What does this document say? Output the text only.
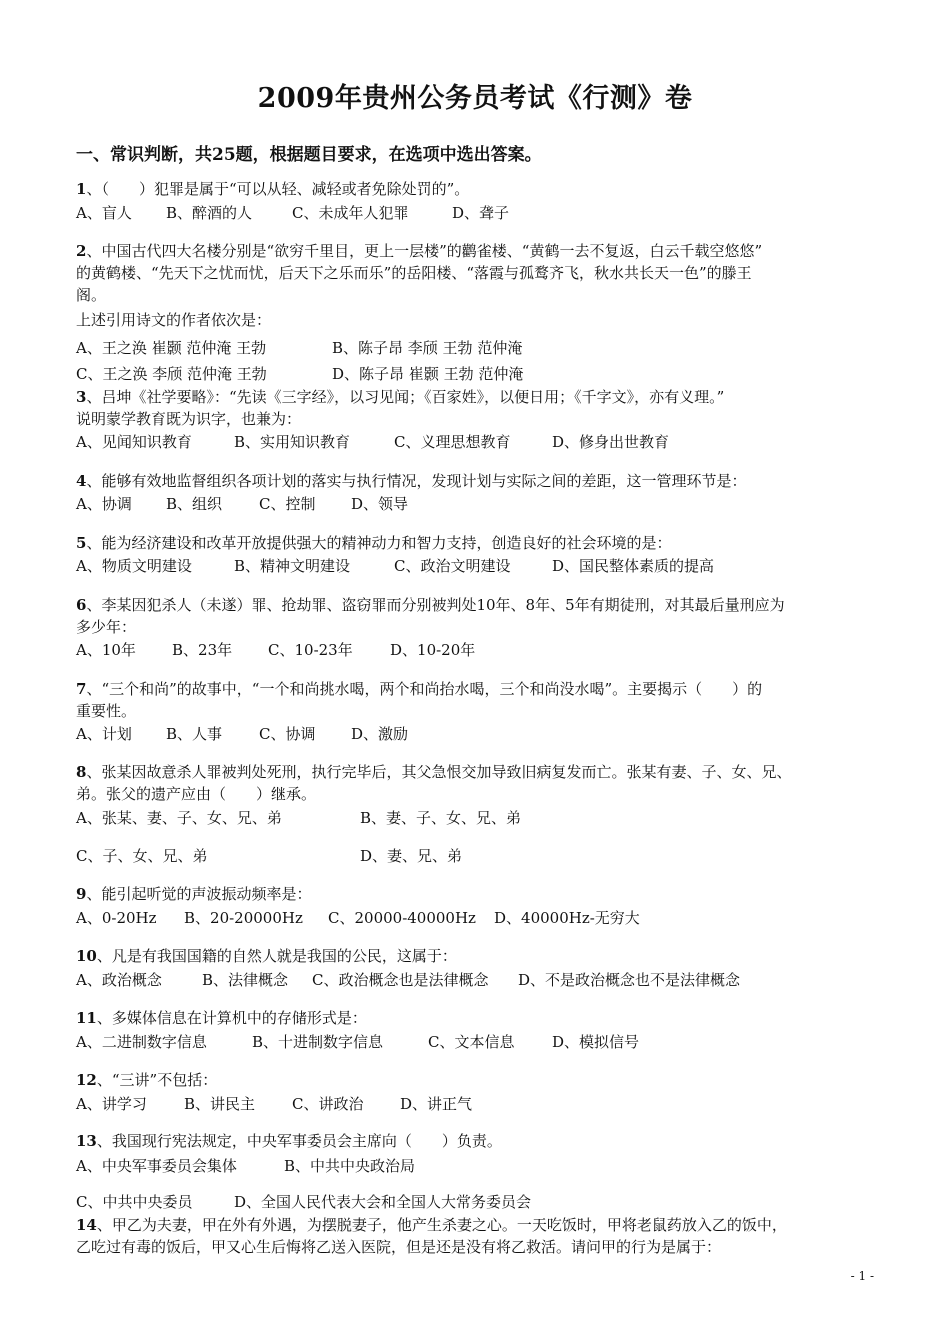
2009年贵州公务员考试《行测》卷
一、常识判断，共25题，根据题目要求，在选项中选出答案。
1、（　　）犯罪是属于“可以从轻、减轻或者免除处罚的”。
A、盲人 B、醉酒的人	C、未成年人犯罪	D、聋子
2、中国古代四大名楼分别是“欲穷千里目，更上一层楼”的鹳雀楼、“黄鹤一去不复返，白云千载空悠悠”
的黄鹤楼、“先天下之忧而忧，后天下之乐而乐”的岳阳楼、“落霞与孤鹜齐飞，秋水共长天一色”的滕王
阁。
上述引用诗文的作者依次是：
A、王之涣 崔颢 范仲淹 王勃	B、陈子昂 李颀 王勃 范仲淹
C、王之涣 李颀 范仲淹 王勃	D、陈子昂 崔颢 王勃 范仲淹
3、吕坤《社学要略》：“先读《三字经》，以习见闻；《百家姓》，以便日用；《千字文》，亦有义理。”
说明蒙学教育既为识字，也兼为：
A、见闻知识教育	B、实用知识教育	C、义理思想教育	D、修身出世教育
4、能够有效地监督组织各项计划的落实与执行情况，发现计划与实际之间的差距，这一管理环节是：
A、协调 B、组织 C、控制 D、领导
5、能为经济建设和改革开放提供强大的精神动力和智力支持，创造良好的社会环境的是：
A、物质文明建设	B、精神文明建设	C、政治文明建设	D、国民整体素质的提高
6、李某因犯杀人（未遂）罪、抢劫罪、盗窃罪而分别被判处10年、8年、5年有期徒刑，对其最后量刑应为
多少年：
A、10年 B、23年 C、10-23年 D、10-20年
7、“三个和尚”的故事中，“一个和尚挑水喝，两个和尚抬水喝，三个和尚没水喝”。主要揭示（　　）的
重要性。
A、计划 B、人事 C、协调 D、激励
8、张某因故意杀人罪被判处死刑，执行完毕后，其父急恨交加导致旧病复发而亡。张某有妻、子、女、兄、
弟。张父的遗产应由（　　）继承。
A、张某、妻、子、女、兄、弟	B、妻、子、女、兄、弟
C、子、女、兄、弟	D、妻、兄、弟
9、能引起听觉的声波振动频率是：
A、0-20Hz B、20-20000Hz C、20000-40000Hz D、40000Hz-无穷大
10、凡是有我国国籍的自然人就是我国的公民，这属于：
A、政治概念	B、法律概念 C、政治概念也是法律概念 D、不是政治概念也不是法律概念
11、多媒体信息在计算机中的存储形式是：
A、二进制数字信息	B、十进制数字信息	C、文本信息	D、模拟信号
12、“三讲”不包括：
A、讲学习 B、讲民主 C、讲政治 D、讲正气
13、我国现行宪法规定，中央军事委员会主席向（　　）负责。
A、中央军事委员会集体	B、中共中央政治局
C、中共中央委员	D、全国人民代表大会和全国人大常务委员会
14、甲乙为夫妻，甲在外有外遇，为摆脱妻子，他产生杀妻之心。一天吃饭时，甲将老鼠药放入乙的饭中，
乙吃过有毒的饭后，甲又心生后悔将乙送入医院，但是还是没有将乙救活。请问甲的行为是属于：
- 1 -
